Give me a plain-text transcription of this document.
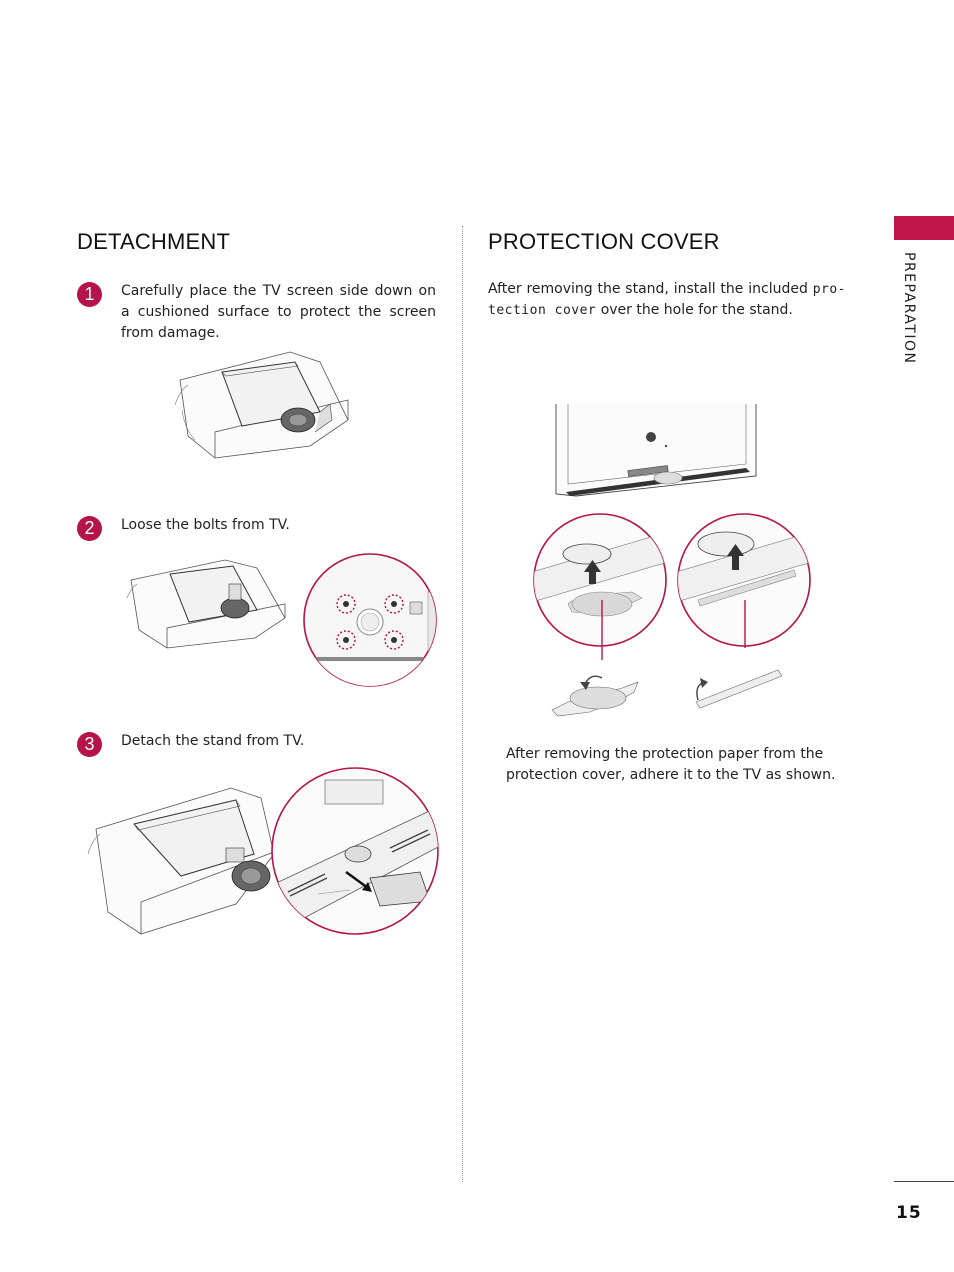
DETACHMENT
1	Carefully place the TV screen side down on a cushioned surface to protect the screen from damage.

2	Loose the bolts from TV.

3	Detach the stand from TV.

PROTECTION COVER

After removing the stand, install the included pro- tection cover over the hole for the stand.

After removing the protection paper from the protection cover, adhere it to the TV as shown.

PREPARATION
15
